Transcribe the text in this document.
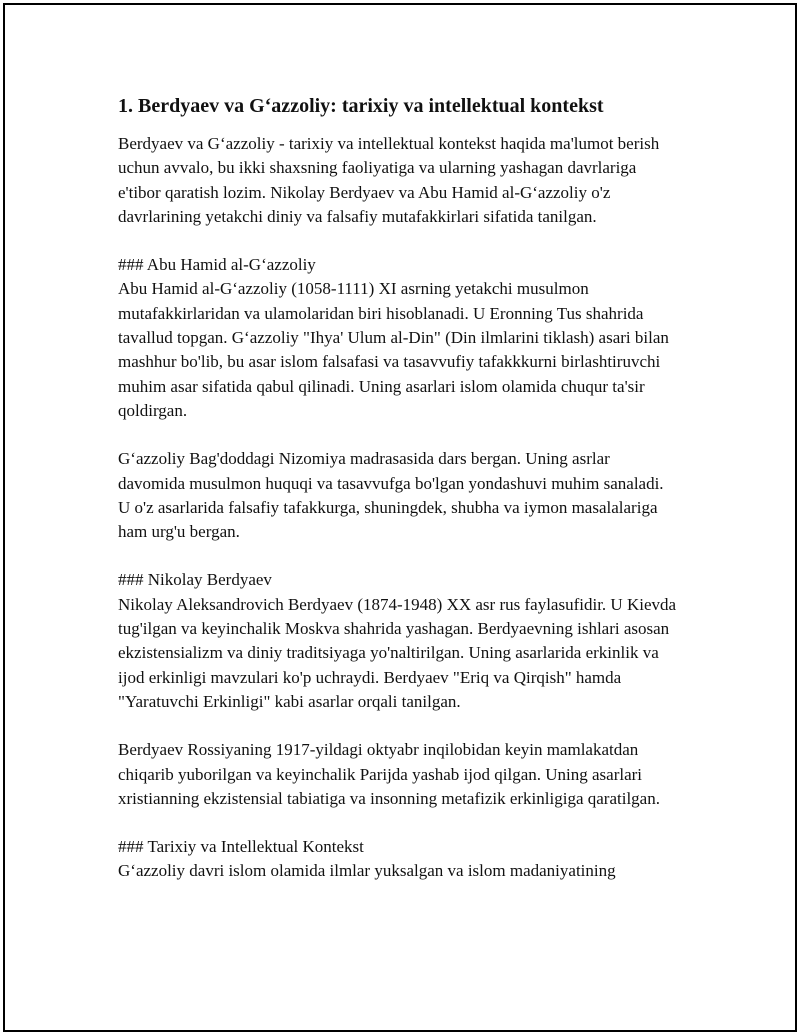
1. Berdyaev va G‘azzoliy: tarixiy va intellektual kontekst

Berdyaev va G‘azzoliy - tarixiy va intellektual kontekst haqida ma'lumot berish uchun avvalo, bu ikki shaxsning faoliyatiga va ularning yashagan davrlariga e'tibor qaratish lozim. Nikolay Berdyaev va Abu Hamid al-G‘azzoliy o'z davrlarining yetakchi diniy va falsafiy mutafakkirlari sifatida tanilgan.

### Abu Hamid al-G‘azzoliy

Abu Hamid al-G‘azzoliy (1058-1111) XI asrning yetakchi musulmon mutafakkirlaridan va ulamolaridan biri hisoblanadi. U Eronning Tus shahrida tavallud topgan. G‘azzoliy "Ihya' Ulum al-Din" (Din ilmlarini tiklash) asari bilan mashhur bo'lib, bu asar islom falsafasi va tasavvufiy tafakkkurni birlashtiruvchi muhim asar sifatida qabul qilinadi. Uning asarlari islom olamida chuqur ta'sir qoldirgan.

G‘azzoliy Bag'doddagi Nizomiya madrasasida dars bergan. Uning asrlar davomida musulmon huquqi va tasavvufga bo'lgan yondashuvi muhim sanaladi. U o'z asarlarida falsafiy tafakkurga, shuningdek, shubha va iymon masalalariga ham urg'u bergan.

### Nikolay Berdyaev

Nikolay Aleksandrovich Berdyaev (1874-1948) XX asr rus faylasufidir. U Kievda tug'ilgan va keyinchalik Moskva shahrida yashagan. Berdyaevning ishlari asosan ekzistensializm va diniy traditsiyaga yo'naltirilgan. Uning asarlarida erkinlik va ijod erkinligi mavzulari ko'p uchraydi. Berdyaev "Eriq va Qirqish" hamda "Yaratuvchi Erkinligi" kabi asarlar orqali tanilgan.

Berdyaev Rossiyaning 1917-yildagi oktyabr inqilobidan keyin mamlakatdan chiqarib yuborilgan va keyinchalik Parijda yashab ijod qilgan. Uning asarlari xristianning ekzistensial tabiatiga va insonning metafizik erkinligiga qaratilgan.

### Tarixiy va Intellektual Kontekst

G‘azzoliy davri islom olamida ilmlar yuksalgan va islom madaniyatining
